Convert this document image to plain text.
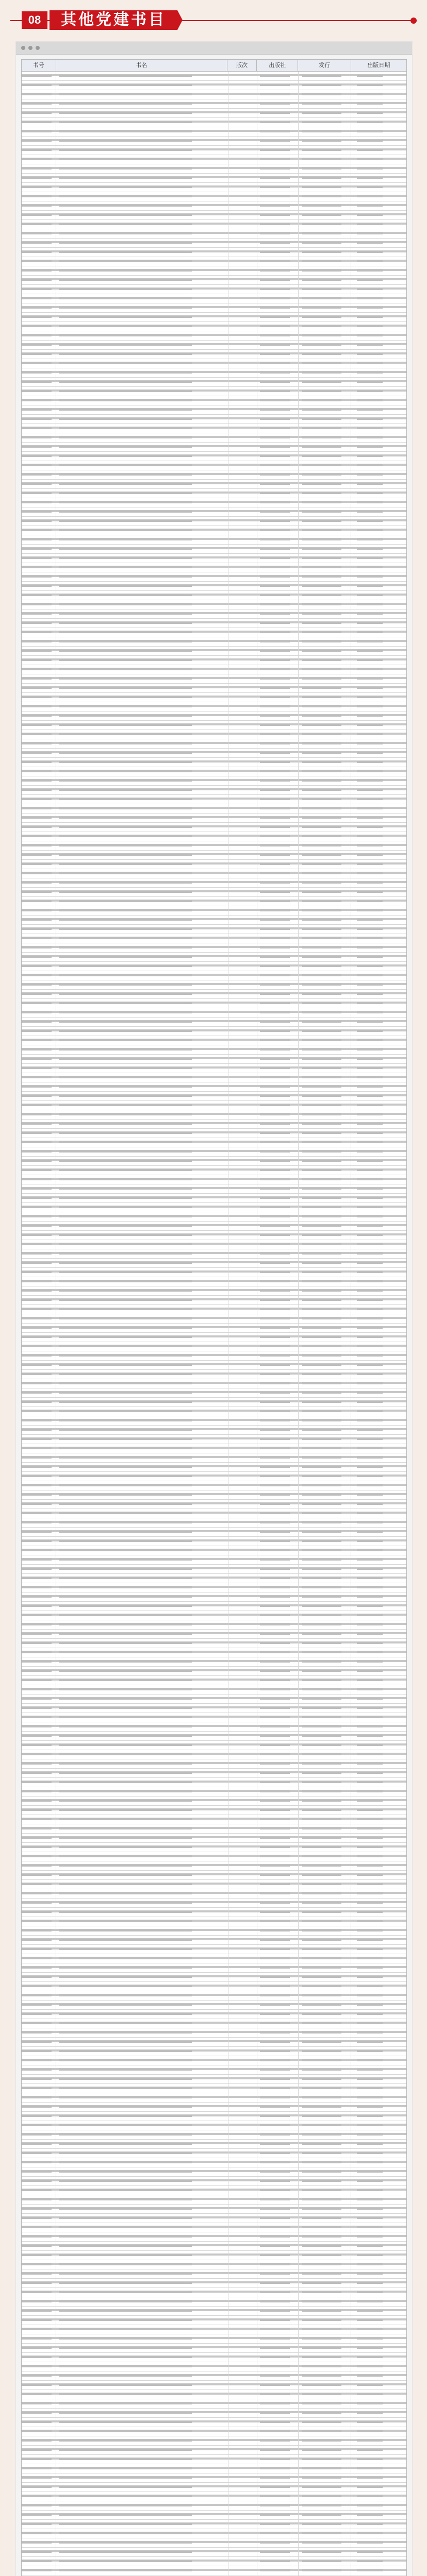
08	其他党建书目
书号	书名	版次	出版社	发行	出版日期
